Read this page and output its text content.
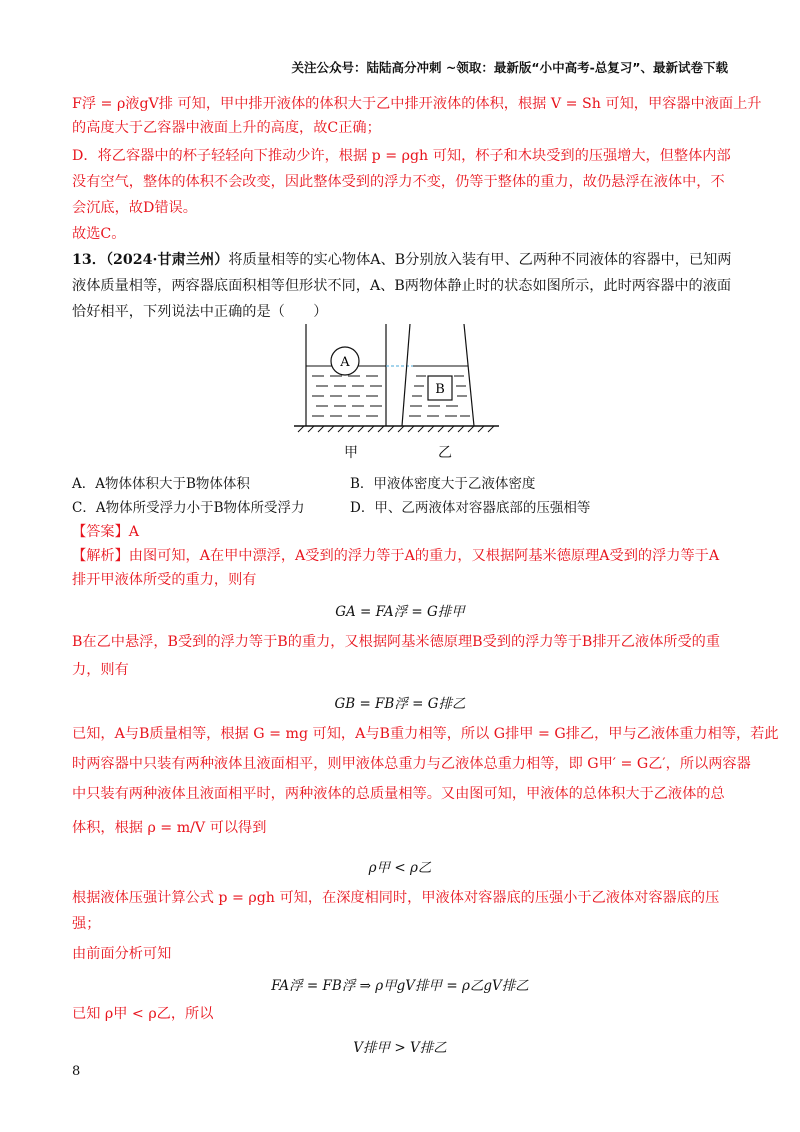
关注公众号：陆陆高分冲刺 ~领取：最新版“小中高考-总复习”、最新试卷下载
F浮 = ρ液gV排 可知，甲中排开液体的体积大于乙中排开液体的体积，根据 V = Sh 可知，甲容器中液面上升
的高度大于乙容器中液面上升的高度，故C正确；
D．将乙容器中的杯子轻轻向下推动少许，根据 p = ρgh 可知，杯子和木块受到的压强增大，但整体内部
没有空气，整体的体积不会改变，因此整体受到的浮力不变，仍等于整体的重力，故仍悬浮在液体中，不
会沉底，故D错误。
故选C。
13．（2024·甘肃兰州）将质量相等的实心物体A、B分别放入装有甲、乙两种不同液体的容器中，已知两
液体质量相等，两容器底面积相等但形状不同，A、B两物体静止时的状态如图所示，此时两容器中的液面
恰好相平，下列说法中正确的是（　　）
A
B
甲	乙
A．A物体体积大于B物体体积	B．甲液体密度大于乙液体密度
C．A物体所受浮力小于B物体所受浮力	D．甲、乙两液体对容器底部的压强相等
【答案】A
【解析】由图可知，A在甲中漂浮，A受到的浮力等于A的重力，又根据阿基米德原理A受到的浮力等于A
排开甲液体所受的重力，则有
GA = FA浮 = G排甲
B在乙中悬浮，B受到的浮力等于B的重力，又根据阿基米德原理B受到的浮力等于B排开乙液体所受的重
力，则有
GB = FB浮 = G排乙
已知，A与B质量相等，根据 G = mg 可知，A与B重力相等，所以 G排甲 = G排乙，甲与乙液体重力相等，若此
时两容器中只装有两种液体且液面相平，则甲液体总重力与乙液体总重力相等，即 G甲′ = G乙′，所以两容器
中只装有两种液体且液面相平时，两种液体的总质量相等。又由图可知，甲液体的总体积大于乙液体的总
体积，根据 ρ = m/V 可以得到
ρ甲 < ρ乙
根据液体压强计算公式 p = ρgh 可知，在深度相同时，甲液体对容器底的压强小于乙液体对容器底的压
强；
由前面分析可知
FA浮 = FB浮 ⇒ ρ甲gV排甲 = ρ乙gV排乙
已知 ρ甲 < ρ乙，所以
V排甲 > V排乙
8
